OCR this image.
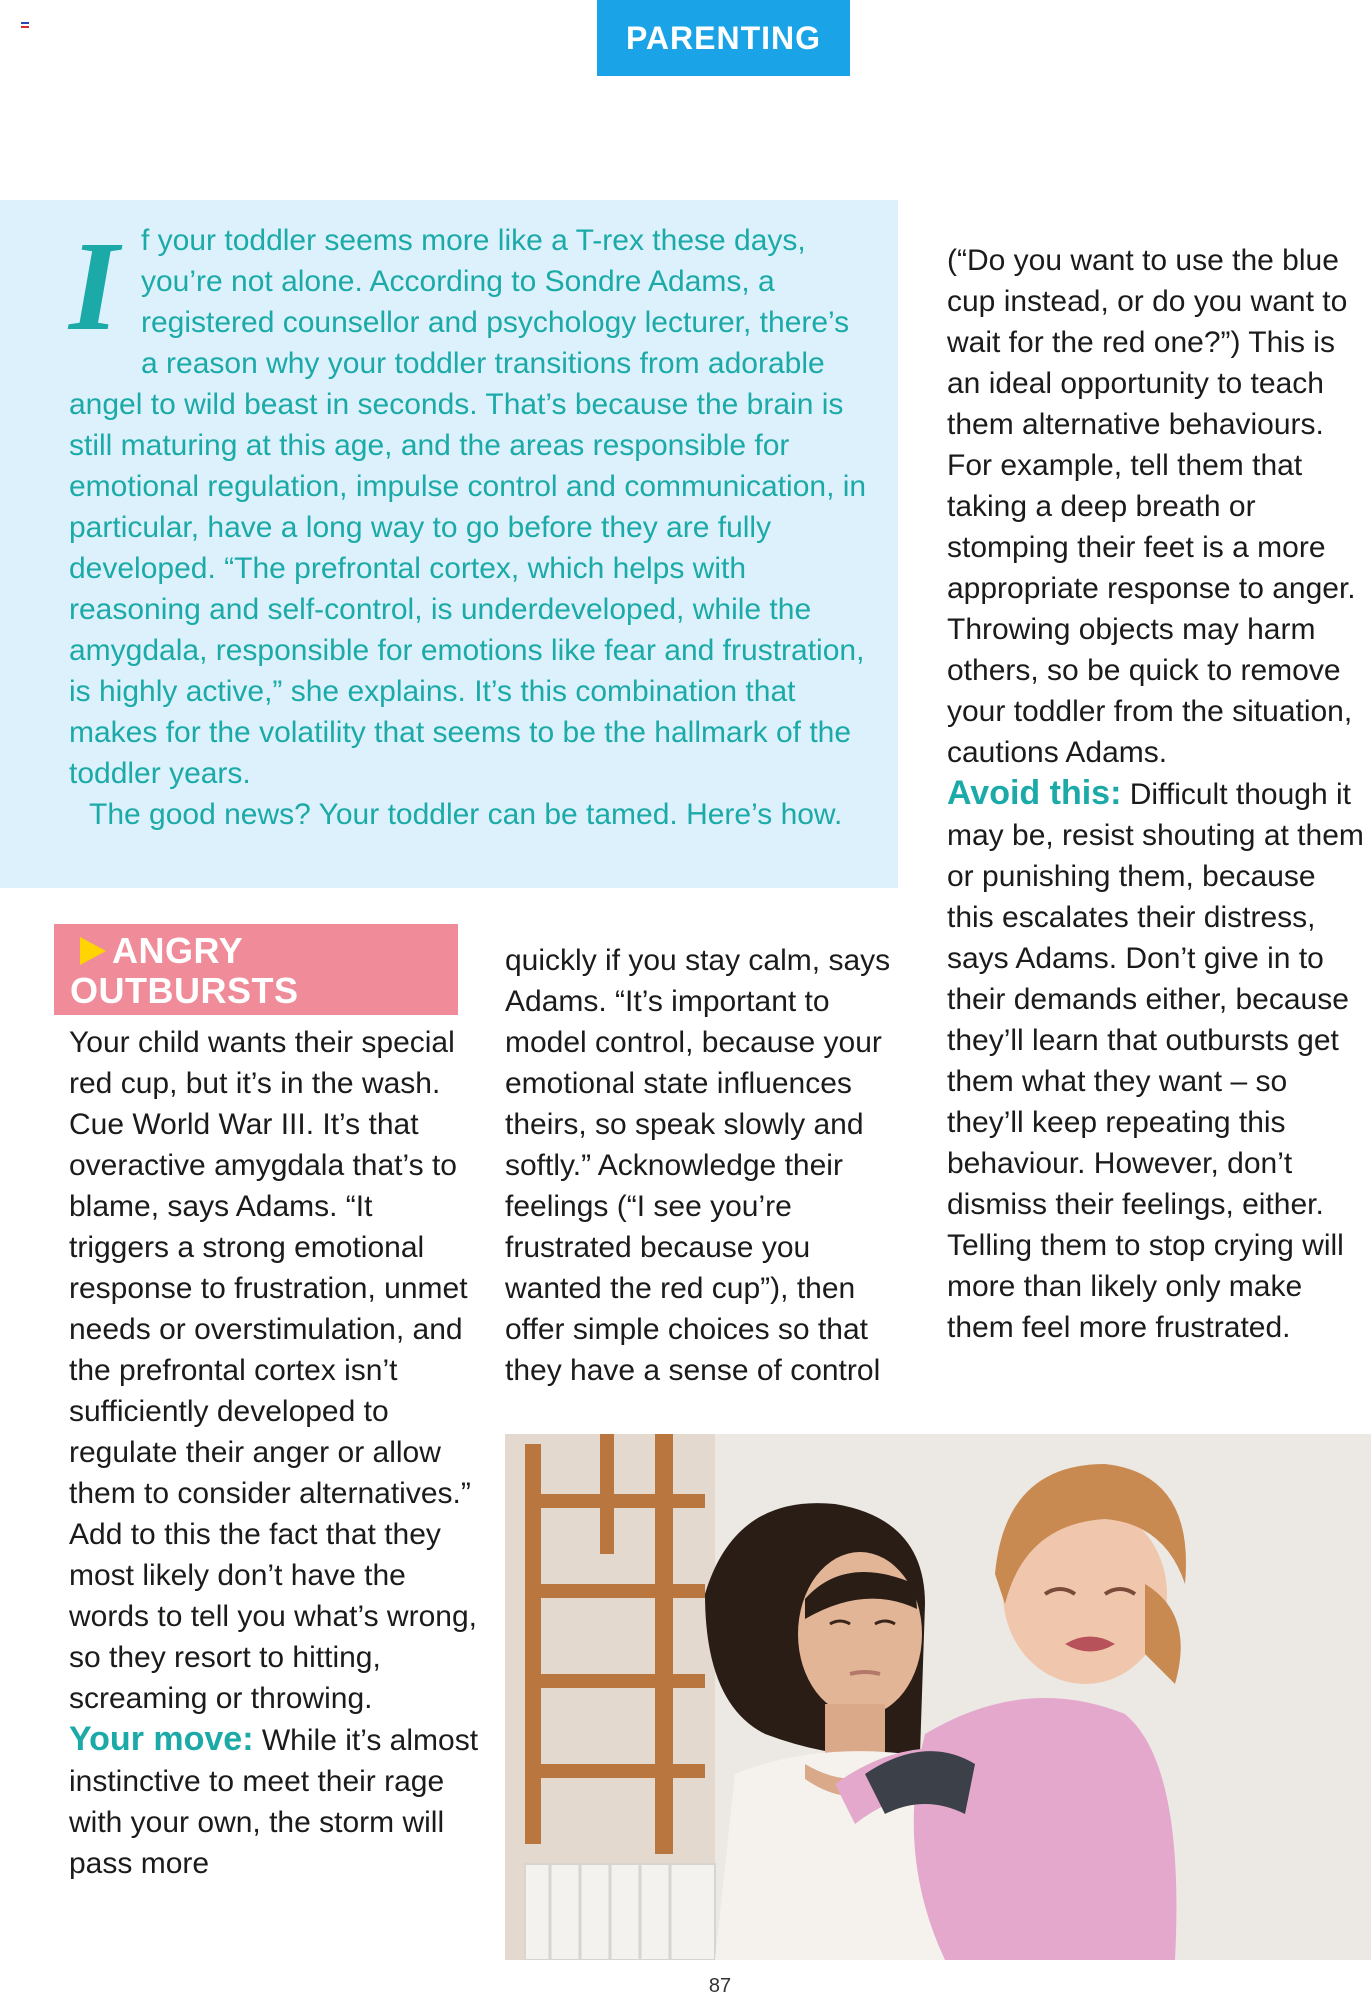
PARENTING
I f your toddler seems more like a T-rex these days, you’re not alone. According to Sondre Adams, a registered counsellor and psychology lecturer, there’s a reason why your toddler transitions from adorable angel to wild beast in seconds. That’s because the brain is still maturing at this age, and the areas responsible for emotional regulation, impulse control and communication, in particular, have a long way to go before they are fully developed. “The prefrontal cortex, which helps with reasoning and self-control, is underdeveloped, while the amygdala, responsible for emotions like fear and frustration, is highly active,” she explains. It’s this combination that makes for the volatility that seems to be the hallmark of the toddler years.

The good news? Your toddler can be tamed. Here’s how.

ANGRY
OUTBURSTS

Your child wants their special red cup, but it’s in the wash. Cue World War III. It’s that overactive amygdala that’s to blame, says Adams. “It triggers a strong emotional response to frustration, unmet needs or overstimulation, and the prefrontal cortex isn’t sufficiently developed to regulate their anger or allow them to consider alternatives.” Add to this the fact that they most likely don’t have the words to tell you what’s wrong, so they resort to hitting, screaming or throwing.

Your move: While it’s almost instinctive to meet their rage with your own, the storm will pass more

quickly if you stay calm, says Adams. “It’s important to model control, because your emotional state influences theirs, so speak slowly and softly.” Acknowledge their feelings (“I see you’re frustrated because you wanted the red cup”), then offer simple choices so that they have a sense of control

(“Do you want to use the blue cup instead, or do you want to wait for the red one?”) This is an ideal opportunity to teach them alternative behaviours. For example, tell them that taking a deep breath or stomping their feet is a more appropriate response to anger. Throwing objects may harm others, so be quick to remove your toddler from the situation, cautions Adams.

Avoid this: Difficult though it may be, resist shouting at them or punishing them, because this escalates their distress, says Adams. Don’t give in to their demands either, because they’ll learn that outbursts get them what they want – so they’ll keep repeating this behaviour. However, don’t dismiss their feelings, either. Telling them to stop crying will more than likely only make them feel more frustrated.

87
